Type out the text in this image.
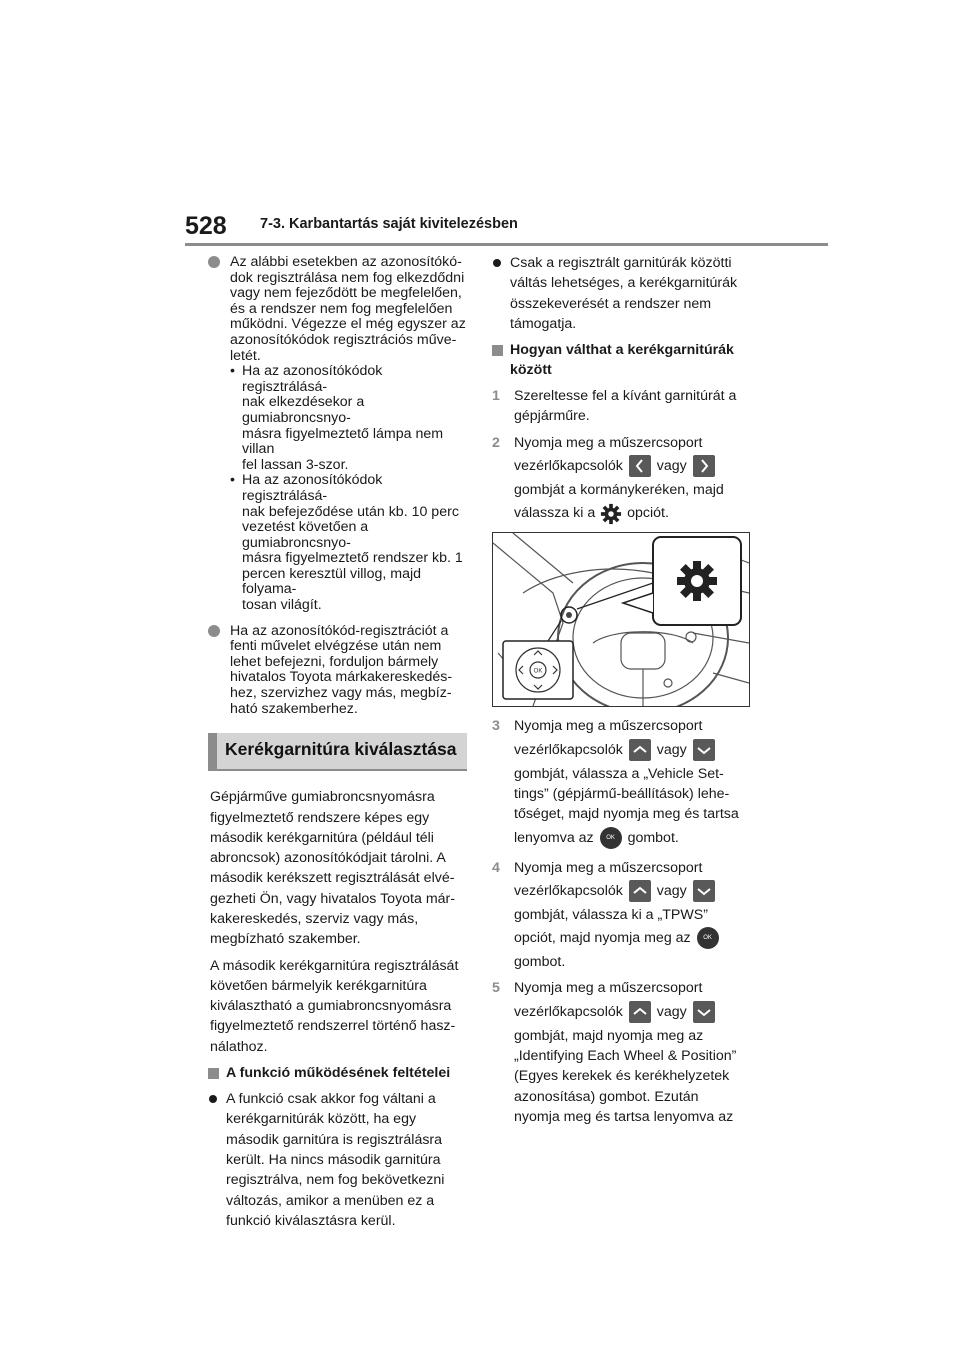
528 7-3. Karbantartás saját kivitelezésben
Az alábbi esetekben az azonosítókó-
dok regisztrálása nem fog elkezdődni
vagy nem fejeződött be megfelelően,
és a rendszer nem fog megfelelően
működni. Végezze el még egyszer az
azonosítókódok regisztrációs műve-
letét.
• Ha az azonosítókódok regisztrálásá-
nak elkezdésekor a gumiabroncsnyo-
másra figyelmeztető lámpa nem villan
fel lassan 3-szor.
• Ha az azonosítókódok regisztrálásá-
nak befejeződése után kb. 10 perc
vezetést követően a gumiabroncsnyo-
másra figyelmeztető rendszer kb. 1
percen keresztül villog, majd folyama-
tosan világít.
Ha az azonosítókód-regisztrációt a
fenti művelet elvégzése után nem
lehet befejezni, forduljon bármely
hivatalos Toyota márkakereskedés-
hez, szervizhez vagy más, megbíz-
ható szakemberhez.
Kerékgarnitúra kiválasztása
Gépjárműve gumiabroncsnyomásra
figyelmeztető rendszere képes egy
második kerékgarnitúra (például téli
abroncsok) azonosítókódjait tárolni. A
második kerékszett regisztrálását elvé-
gezheti Ön, vagy hivatalos Toyota már-
kakereskedés, szerviz vagy más,
megbízható szakember.
A második kerékgarnitúra regisztrálását
követően bármelyik kerékgarnitúra
kiválasztható a gumiabroncsnyomásra
figyelmeztető rendszerrel történő hasz-
nálathoz.
A funkció működésének feltételei
A funkció csak akkor fog váltani a
kerékgarnitúrák között, ha egy
második garnitúra is regisztrálásra
került. Ha nincs második garnitúra
regisztrálva, nem fog bekövetkezni
változás, amikor a menüben ez a
funkció kiválasztásra kerül.
Csak a regisztrált garnitúrák közötti
váltás lehetséges, a kerékgarnitúrák
összekeverését a rendszer nem
támogatja.
Hogyan válthat a kerékgarnitúrák
között
1 Szereltesse fel a kívánt garnitúrát a
gépjárműre.
2 Nyomja meg a műszercsoport
vezérlőkapcsolók vagy
gombját a kormánykeréken, majd
válassza ki a opciót.
3 Nyomja meg a műszercsoport
vezérlőkapcsolók vagy
gombját, válassza a „Vehicle Set-
tings” (gépjármű-beállítások) lehe-
tőséget, majd nyomja meg és tartsa
lenyomva az OK gombot.
4 Nyomja meg a műszercsoport
vezérlőkapcsolók vagy
gombját, válassza ki a „TPWS”
opciót, majd nyomja meg az OK
gombot.
5 Nyomja meg a műszercsoport
vezérlőkapcsolók vagy
gombját, majd nyomja meg az
„Identifying Each Wheel & Position”
(Egyes kerekek és kerékhelyzetek
azonosítása) gombot. Ezután
nyomja meg és tartsa lenyomva az
OK
